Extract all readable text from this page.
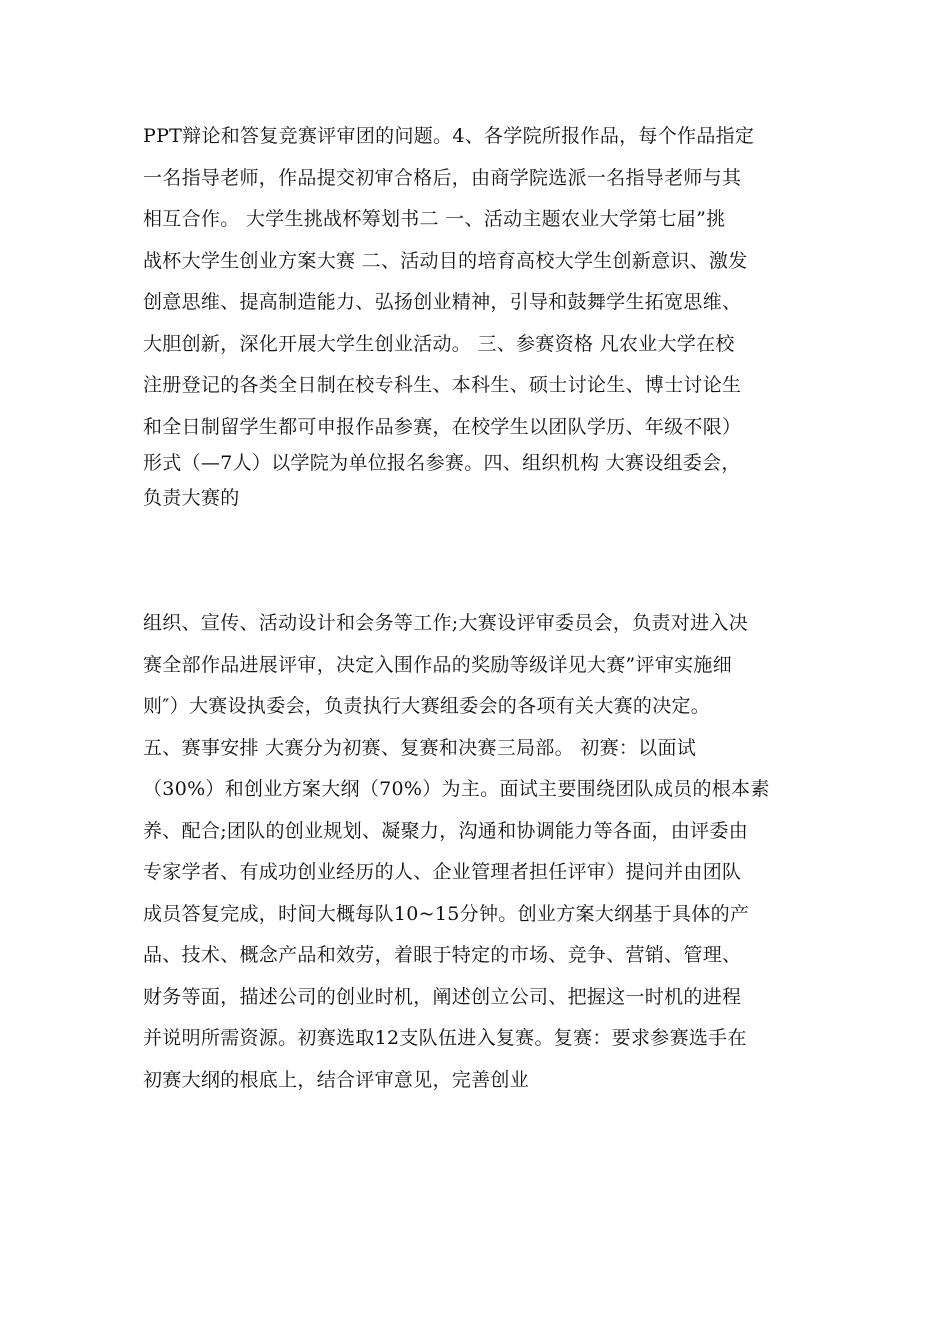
PPT辩论和答复竞赛评审团的问题。4、各学院所报作品，每个作品指定
一名指导老师，作品提交初审合格后，由商学院选派一名指导老师与其
相互合作。 大学生挑战杯筹划书二 一、活动主题农业大学第七届”挑
战杯大学生创业方案大赛 二、活动目的培育高校大学生创新意识、激发
创意思维、提高制造能力、弘扬创业精神，引导和鼓舞学生拓宽思维、
大胆创新，深化开展大学生创业活动。 三、参赛资格 凡农业大学在校
注册登记的各类全日制在校专科生、本科生、硕士讨论生、博士讨论生
和全日制留学生都可申报作品参赛，在校学生以团队学历、年级不限）
形式（—7人）以学院为单位报名参赛。四、组织机构 大赛设组委会，
负责大赛的
组织、宣传、活动设计和会务等工作;大赛设评审委员会，负责对进入决
赛全部作品进展评审，决定入围作品的奖励等级详见大赛”评审实施细
则″）大赛设执委会，负责执行大赛组委会的各项有关大赛的决定。
五、赛事安排 大赛分为初赛、复赛和决赛三局部。 初赛：以面试
（30%）和创业方案大纲（70%）为主。面试主要围绕团队成员的根本素
养、配合;团队的创业规划、凝聚力，沟通和协调能力等各面，由评委由
专家学者、有成功创业经历的人、企业管理者担任评审）提问并由团队
成员答复完成，时间大概每队10~15分钟。创业方案大纲基于具体的产
品、技术、概念产品和效劳，着眼于特定的市场、竞争、营销、管理、
财务等面，描述公司的创业时机，阐述创立公司、把握这一时机的进程
并说明所需资源。初赛选取12支队伍进入复赛。复赛：要求参赛选手在
初赛大纲的根底上，结合评审意见，完善创业
